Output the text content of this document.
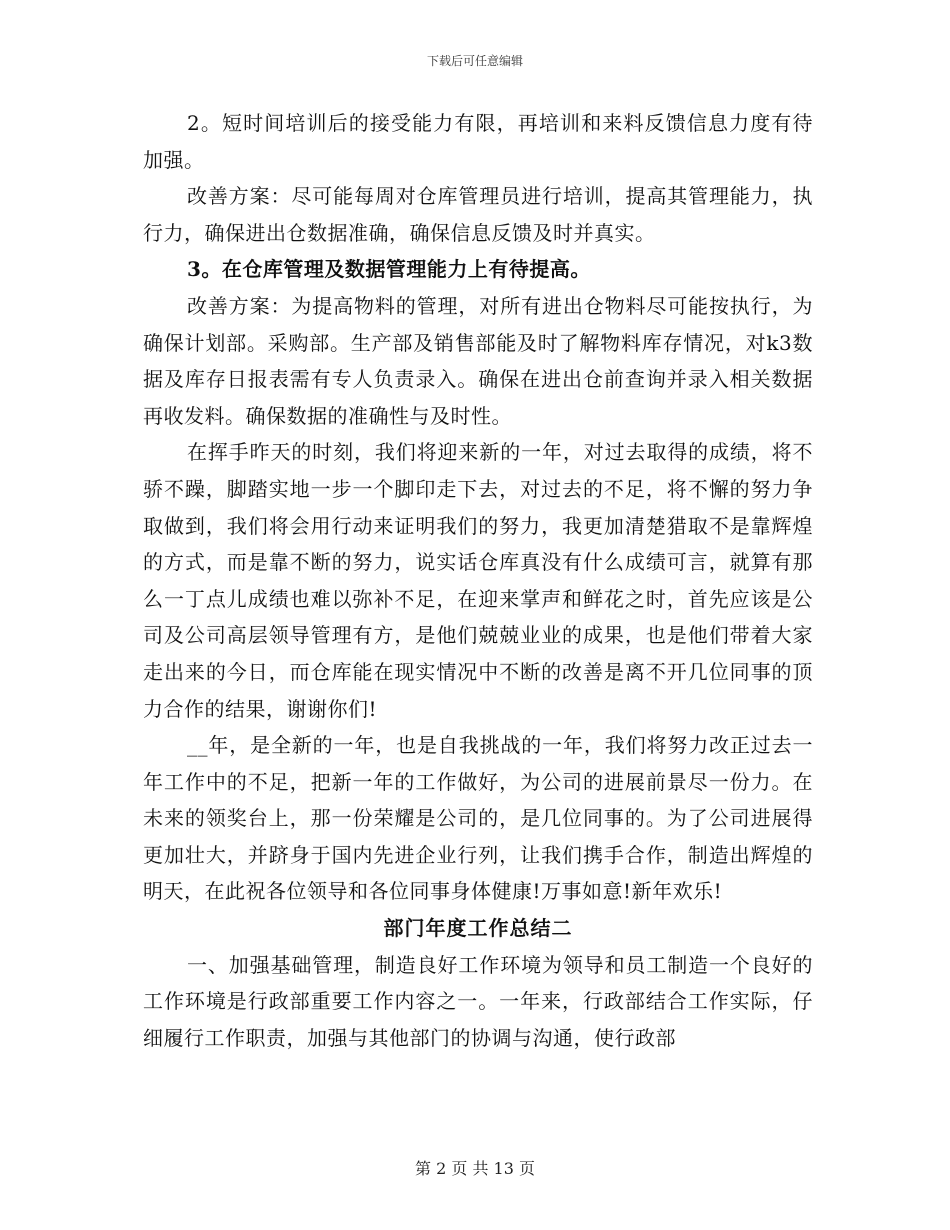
下载后可任意编辑

2。短时间培训后的接受能力有限，再培训和来料反馈信息力度有待加强。

改善方案：尽可能每周对仓库管理员进行培训，提高其管理能力，执行力，确保进出仓数据准确，确保信息反馈及时并真实。

3。在仓库管理及数据管理能力上有待提高。

改善方案：为提高物料的管理，对所有进出仓物料尽可能按执行，为确保计划部。采购部。生产部及销售部能及时了解物料库存情况，对k3数据及库存日报表需有专人负责录入。确保在进出仓前查询并录入相关数据再收发料。确保数据的准确性与及时性。

在挥手昨天的时刻，我们将迎来新的一年，对过去取得的成绩，将不骄不躁，脚踏实地一步一个脚印走下去，对过去的不足，将不懈的努力争取做到，我们将会用行动来证明我们的努力，我更加清楚猎取不是靠辉煌的方式，而是靠不断的努力，说实话仓库真没有什么成绩可言，就算有那么一丁点儿成绩也难以弥补不足，在迎来掌声和鲜花之时，首先应该是公司及公司高层领导管理有方，是他们兢兢业业的成果，也是他们带着大家走出来的今日，而仓库能在现实情况中不断的改善是离不开几位同事的顶力合作的结果，谢谢你们!

__年，是全新的一年，也是自我挑战的一年，我们将努力改正过去一年工作中的不足，把新一年的工作做好，为公司的进展前景尽一份力。在未来的领奖台上，那一份荣耀是公司的，是几位同事的。为了公司进展得更加壮大，并跻身于国内先进企业行列，让我们携手合作，制造出辉煌的明天，在此祝各位领导和各位同事身体健康!万事如意!新年欢乐!

部门年度工作总结二

一、加强基础管理，制造良好工作环境为领导和员工制造一个良好的工作环境是行政部重要工作内容之一。一年来，行政部结合工作实际，仔细履行工作职责，加强与其他部门的协调与沟通，使行政部

第 2 页 共 13 页
